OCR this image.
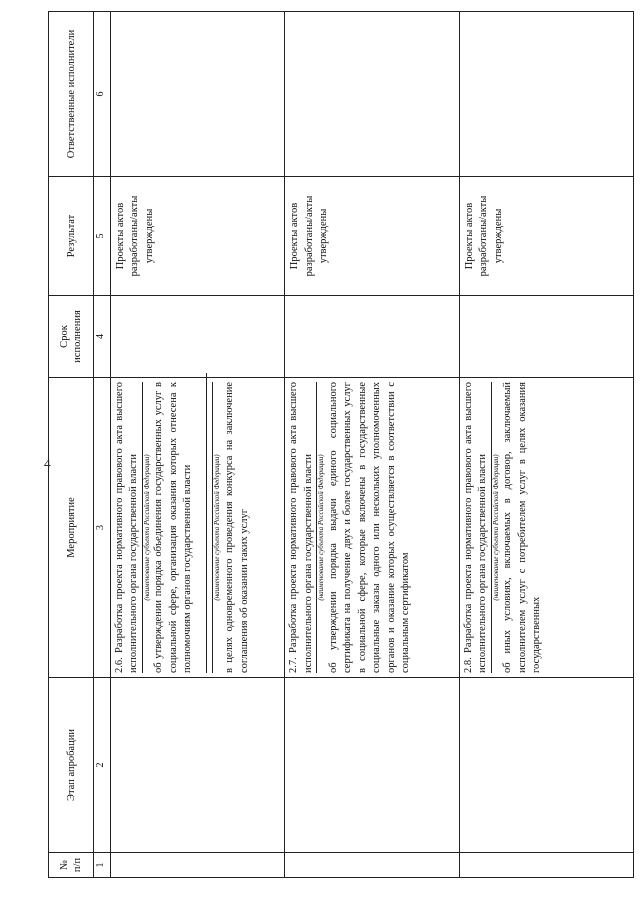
4
№ п/п	Этап апробации	Мероприятие	Срок исполнения	Результат	Ответственные исполнители
1	2	3	4	5	6

		2.6. Разработка проекта нормативного правового акта высшего исполнительного органа государственной власти (наименование субъекта Российской Федерации) об утверждении порядка объединения государственных услуг в социальной сфере, организация оказания которых отнесена к полномочиям органов государственной власти (наименование субъекта Российской Федерации) в целях одновременного проведения конкурса на заключение соглашения об оказании таких услуг		Проекты актов разработаны/акты утверждены	

		2.7. Разработка проекта нормативного правового акта высшего исполнительного органа государственной власти (наименование субъекта Российской Федерации) об утверждении порядка выдачи единого социального сертификата на получение двух и более государственных услуг в социальной сфере, которые включены в государственные социальные заказы одного или нескольких уполномоченных органов и оказание которых осуществляется в соответствии с социальным сертификатом		Проекты актов разработаны/акты утверждены	

		2.8. Разработка проекта нормативного правового акта высшего исполнительного органа государственной власти (наименование субъекта Российской Федерации) об иных условиях, включаемых в договор, заключаемый исполнителем услуг с потребителем услуг в целях оказания государственных		Проекты актов разработаны/акты утверждены	
